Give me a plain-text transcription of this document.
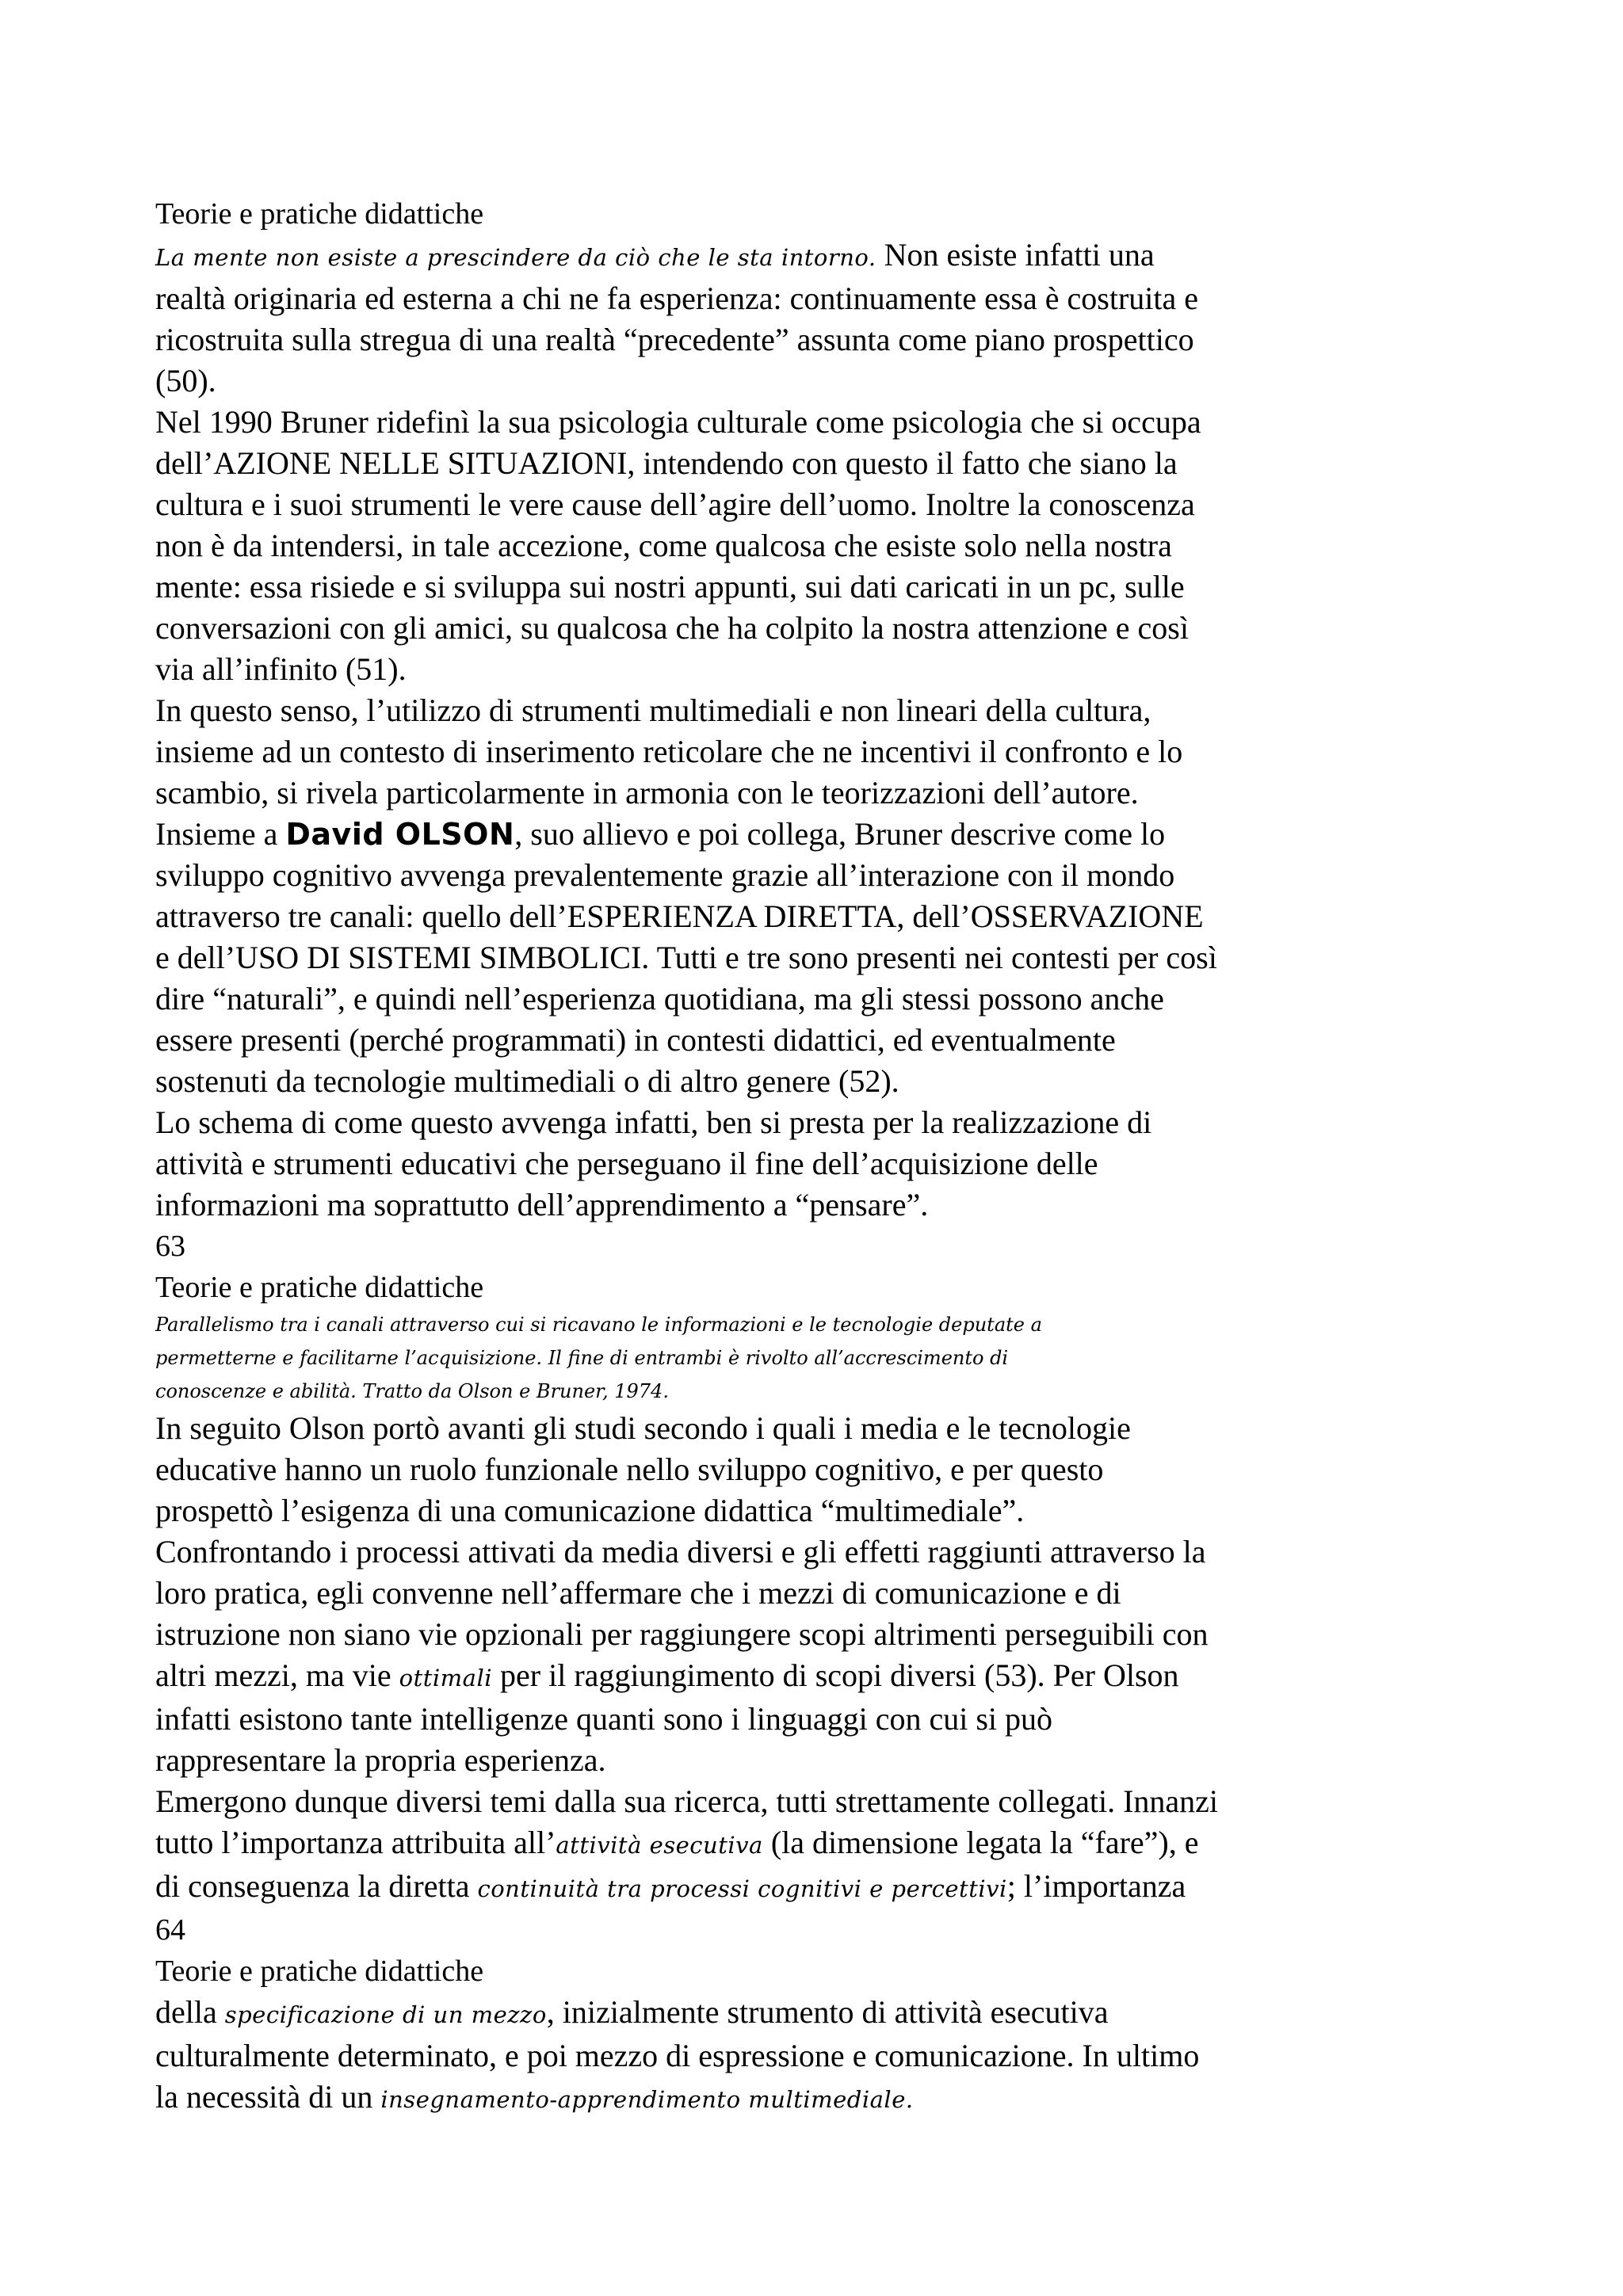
Teorie e pratiche didattiche
La mente non esiste a prescindere da ciò che le sta intorno. Non esiste infatti una
realtà originaria ed esterna a chi ne fa esperienza: continuamente essa è costruita e
ricostruita sulla stregua di una realtà “precedente” assunta come piano prospettico
(50).
Nel 1990 Bruner ridefinì la sua psicologia culturale come psicologia che si occupa
dell’AZIONE NELLE SITUAZIONI, intendendo con questo il fatto che siano la
cultura e i suoi strumenti le vere cause dell’agire dell’uomo. Inoltre la conoscenza
non è da intendersi, in tale accezione, come qualcosa che esiste solo nella nostra
mente: essa risiede e si sviluppa sui nostri appunti, sui dati caricati in un pc, sulle
conversazioni con gli amici, su qualcosa che ha colpito la nostra attenzione e così
via all’infinito (51).
In questo senso, l’utilizzo di strumenti multimediali e non lineari della cultura,
insieme ad un contesto di inserimento reticolare che ne incentivi il confronto e lo
scambio, si rivela particolarmente in armonia con le teorizzazioni dell’autore.
Insieme a David OLSON, suo allievo e poi collega, Bruner descrive come lo
sviluppo cognitivo avvenga prevalentemente grazie all’interazione con il mondo
attraverso tre canali: quello dell’ESPERIENZA DIRETTA, dell’OSSERVAZIONE
e dell’USO DI SISTEMI SIMBOLICI. Tutti e tre sono presenti nei contesti per così
dire “naturali”, e quindi nell’esperienza quotidiana, ma gli stessi possono anche
essere presenti (perché programmati) in contesti didattici, ed eventualmente
sostenuti da tecnologie multimediali o di altro genere (52).
Lo schema di come questo avvenga infatti, ben si presta per la realizzazione di
attività e strumenti educativi che perseguano il fine dell’acquisizione delle
informazioni ma soprattutto dell’apprendimento a “pensare”.
63
Teorie e pratiche didattiche
Parallelismo tra i canali attraverso cui si ricavano le informazioni e le tecnologie deputate a
permetterne e facilitarne l’acquisizione. Il fine di entrambi è rivolto all’accrescimento di
conoscenze e abilità. Tratto da Olson e Bruner, 1974.
In seguito Olson portò avanti gli studi secondo i quali i media e le tecnologie
educative hanno un ruolo funzionale nello sviluppo cognitivo, e per questo
prospettò l’esigenza di una comunicazione didattica “multimediale”.
Confrontando i processi attivati da media diversi e gli effetti raggiunti attraverso la
loro pratica, egli convenne nell’affermare che i mezzi di comunicazione e di
istruzione non siano vie opzionali per raggiungere scopi altrimenti perseguibili con
altri mezzi, ma vie ottimali per il raggiungimento di scopi diversi (53). Per Olson
infatti esistono tante intelligenze quanti sono i linguaggi con cui si può
rappresentare la propria esperienza.
Emergono dunque diversi temi dalla sua ricerca, tutti strettamente collegati. Innanzi
tutto l’importanza attribuita all’attività esecutiva (la dimensione legata la “fare”), e
di conseguenza la diretta continuità tra processi cognitivi e percettivi; l’importanza
64
Teorie e pratiche didattiche
della specificazione di un mezzo, inizialmente strumento di attività esecutiva
culturalmente determinato, e poi mezzo di espressione e comunicazione. In ultimo
la necessità di un insegnamento-apprendimento multimediale.
